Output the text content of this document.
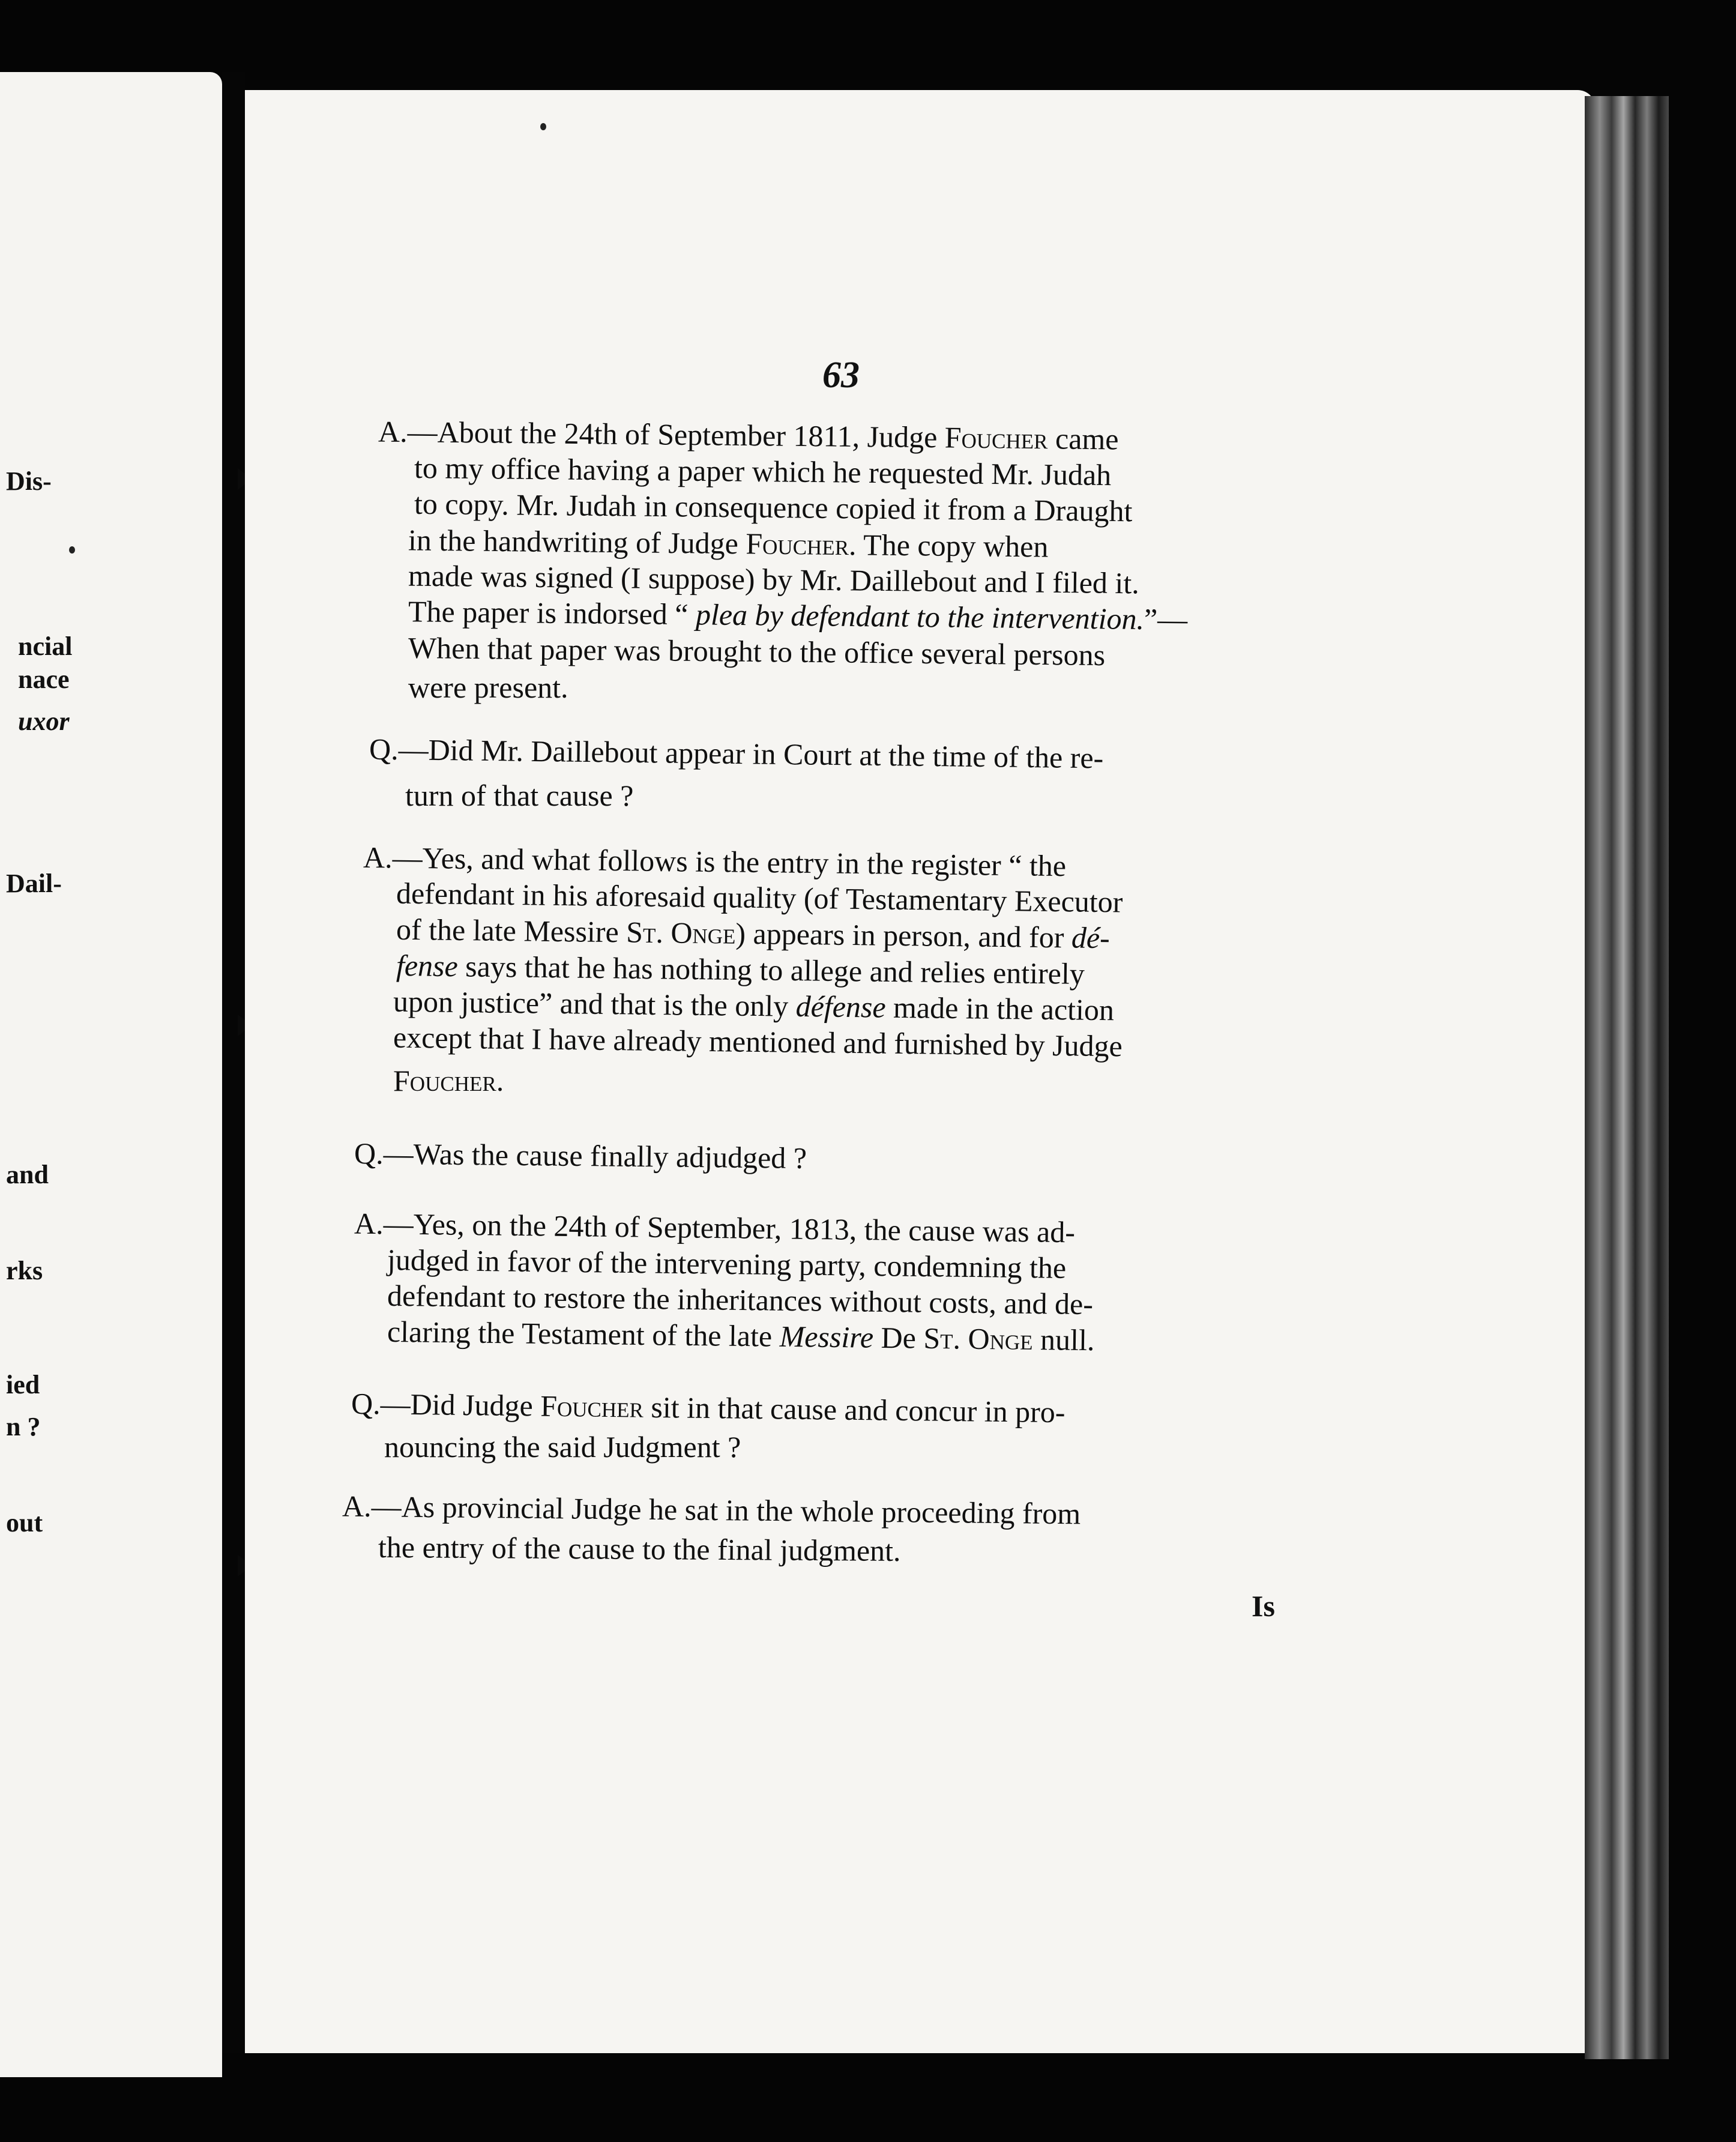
Dis-
ncial
nace
uxor
Dail-
and
rks
ied
n ?
out
63
A.—About the 24th of September 1811, Judge Foucher came
to my office having a paper which he requested Mr. Judah
to copy. Mr. Judah in consequence copied it from a Draught
in the handwriting of Judge Foucher. The copy when
made was signed (I suppose) by Mr. Daillebout and I filed it.
The paper is indorsed “ plea by defendant to the intervention.”—
When that paper was brought to the office several persons
were present.
Q.—Did Mr. Daillebout appear in Court at the time of the re-
turn of that cause ?
A.—Yes, and what follows is the entry in the register “ the
defendant in his aforesaid quality (of Testamentary Executor
of the late Messire St. Onge) appears in person, and for dé-
fense says that he has nothing to allege and relies entirely
upon justice” and that is the only défense made in the action
except that I have already mentioned and furnished by Judge
Foucher.
Q.—Was the cause finally adjudged ?
A.—Yes, on the 24th of September, 1813, the cause was ad-
judged in favor of the intervening party, condemning the
defendant to restore the inheritances without costs, and de-
claring the Testament of the late Messire De St. Onge null.
Q.—Did Judge Foucher sit in that cause and concur in pro-
nouncing the said Judgment ?
A.—As provincial Judge he sat in the whole proceeding from
the entry of the cause to the final judgment.
Is
